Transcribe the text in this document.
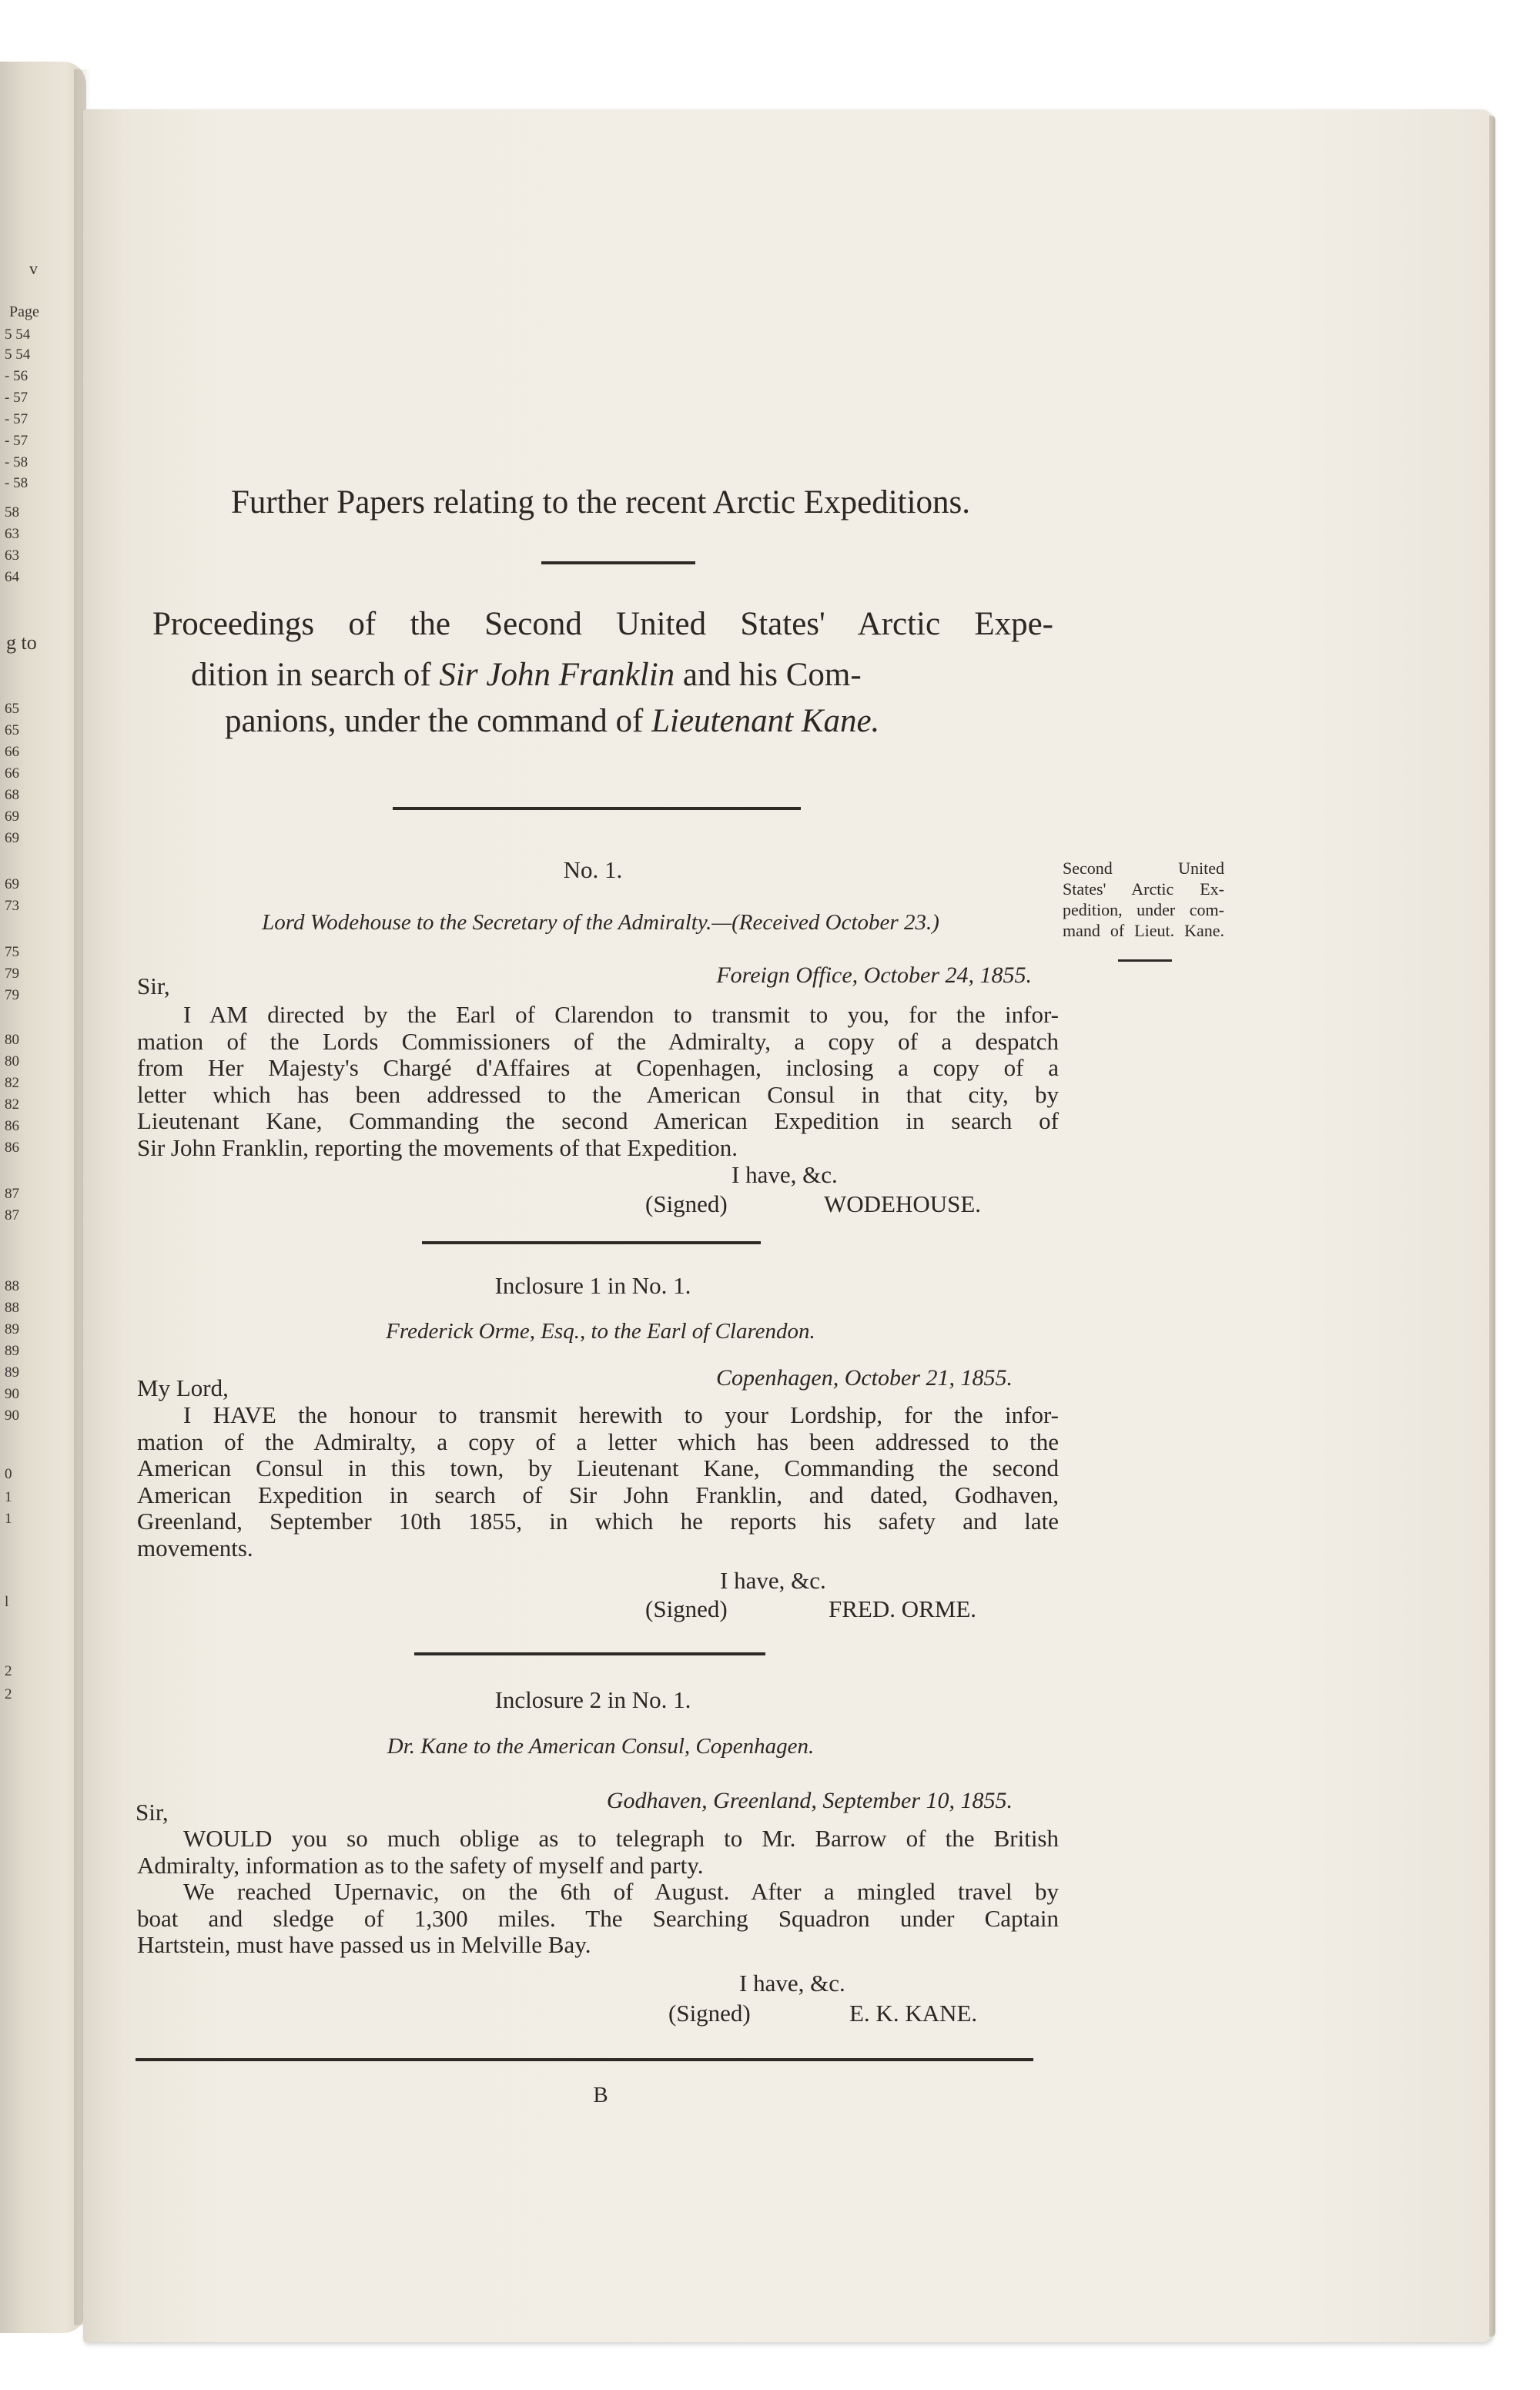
v
Page
5 54
5 54
- 56
- 57
- 57
- 57
- 58
- 58
58
63
63
64
g to
65
65
66
66
68
69
69
69
73
75
79
79
80
80
82
82
86
86
87
87
88
88
89
89
89
90
90
0
1
1
l
2
2
Further Papers relating to the recent Arctic Expeditions.
Proceedings of the Second United States' Arctic Expe-
dition in search of Sir John Franklin and his Com-
panions, under the command of Lieutenant Kane.
Second	United
States' Arctic Ex-
pedition, under com-
mand of Lieut. Kane.
No. 1.
Lord Wodehouse to the Secretary of the Admiralty.—(Received October 23.)
Sir,	Foreign Office, October 24, 1855.
I AM directed by the Earl of Clarendon to transmit to you, for the infor-
mation of the Lords Commissioners of the Admiralty, a copy of a despatch
from Her Majesty's Chargé d'Affaires at Copenhagen, inclosing a copy of a
letter which has been addressed to the American Consul in that city, by
Lieutenant Kane, Commanding the second American Expedition in search of
Sir John Franklin, reporting the movements of that Expedition.
I have, &c.
(Signed)	WODEHOUSE.
Inclosure 1 in No. 1.
Frederick Orme, Esq., to the Earl of Clarendon.
My Lord,	Copenhagen, October 21, 1855.
I HAVE the honour to transmit herewith to your Lordship, for the infor-
mation of the Admiralty, a copy of a letter which has been addressed to the
American Consul in this town, by Lieutenant Kane, Commanding the second
American Expedition in search of Sir John Franklin, and dated, Godhaven,
Greenland, September 10th 1855, in which he reports his safety and late
movements.
I have, &c.
(Signed)	FRED. ORME.
Inclosure 2 in No. 1.
Dr. Kane to the American Consul, Copenhagen.
Sir,	Godhaven, Greenland, September 10, 1855.
WOULD you so much oblige as to telegraph to Mr. Barrow of the British
Admiralty, information as to the safety of myself and party.
We reached Upernavic, on the 6th of August. After a mingled travel by
boat and sledge of 1,300 miles. The Searching Squadron under Captain
Hartstein, must have passed us in Melville Bay.
I have, &c.
(Signed)	E. K. KANE.
B
